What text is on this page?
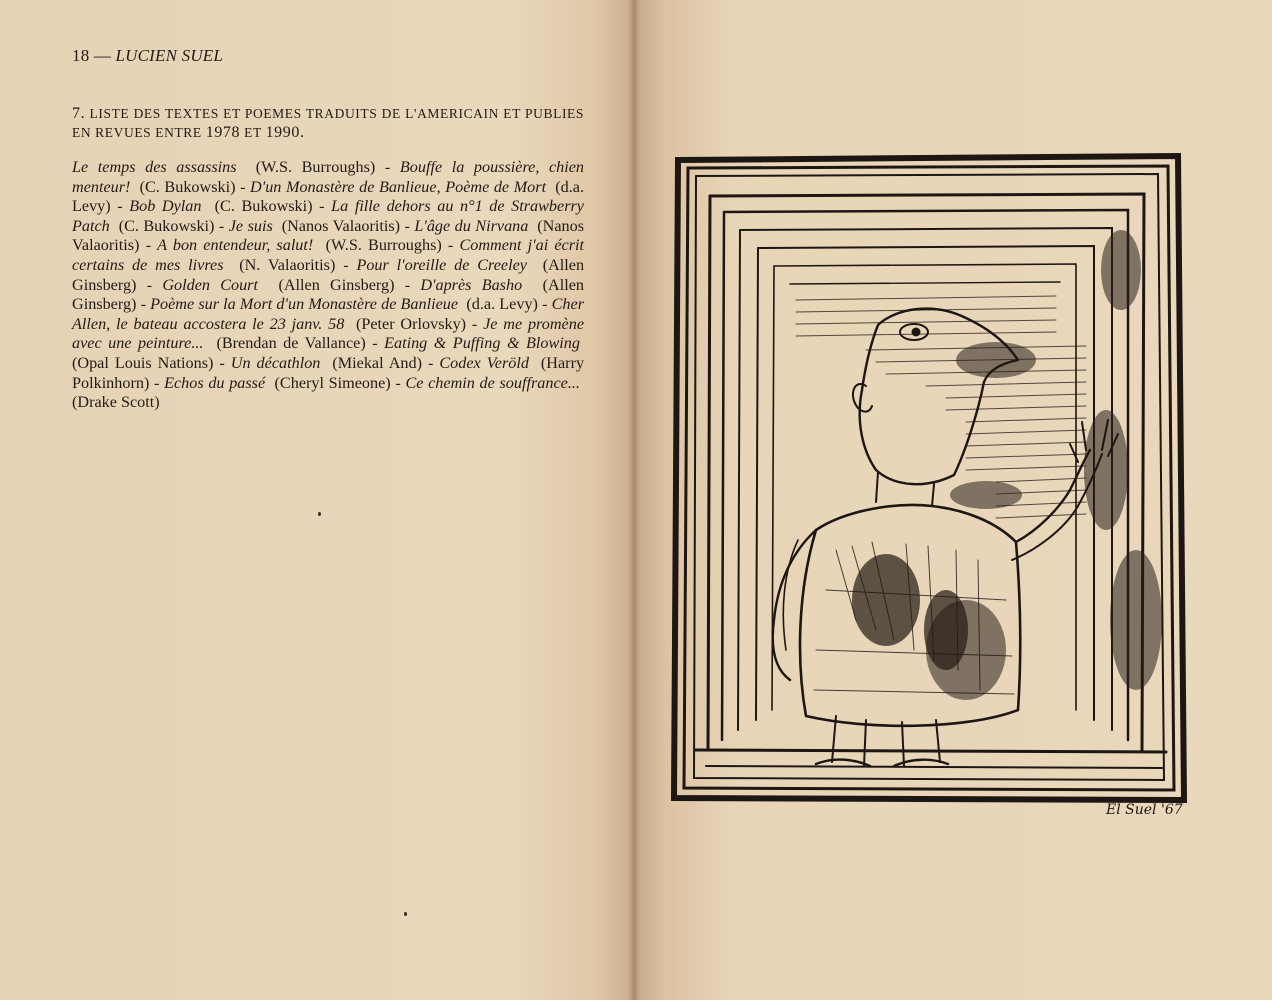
18 — LUCIEN SUEL
7. LISTE DES TEXTES ET POEMES TRADUITS DE L'AMERICAIN ET PUBLIES EN REVUES ENTRE 1978 ET 1990.
Le temps des assassins (W.S. Burroughs) - Bouffe la poussière, chien menteur! (C. Bukowski) - D'un Monastère de Banlieue, Poème de Mort (d.a. Levy) - Bob Dylan (C. Bukowski) - La fille dehors au n°1 de Strawberry Patch (C. Bukowski) - Je suis (Nanos Valaoritis) - L'âge du Nirvana (Nanos Valaoritis) - A bon entendeur, salut! (W.S. Burroughs) - Comment j'ai écrit certains de mes livres (N. Valaoritis) - Pour l'oreille de Creeley (Allen Ginsberg) - Golden Court (Allen Ginsberg) - D'après Basho (Allen Ginsberg) - Poème sur la Mort d'un Monastère de Banlieue (d.a. Levy) - Cher Allen, le bateau accostera le 23 janv. 58 (Peter Orlovsky) - Je me promène avec une peinture... (Brendan de Vallance) - Eating & Puffing & Blowing  (Opal Louis Nations) - Un décathlon (Miekal And) - Codex Veröld (Harry Polkinhorn) - Echos du passé (Cheryl Simeone) - Ce chemin de souffrance...  (Drake Scott)
El Suel '67
